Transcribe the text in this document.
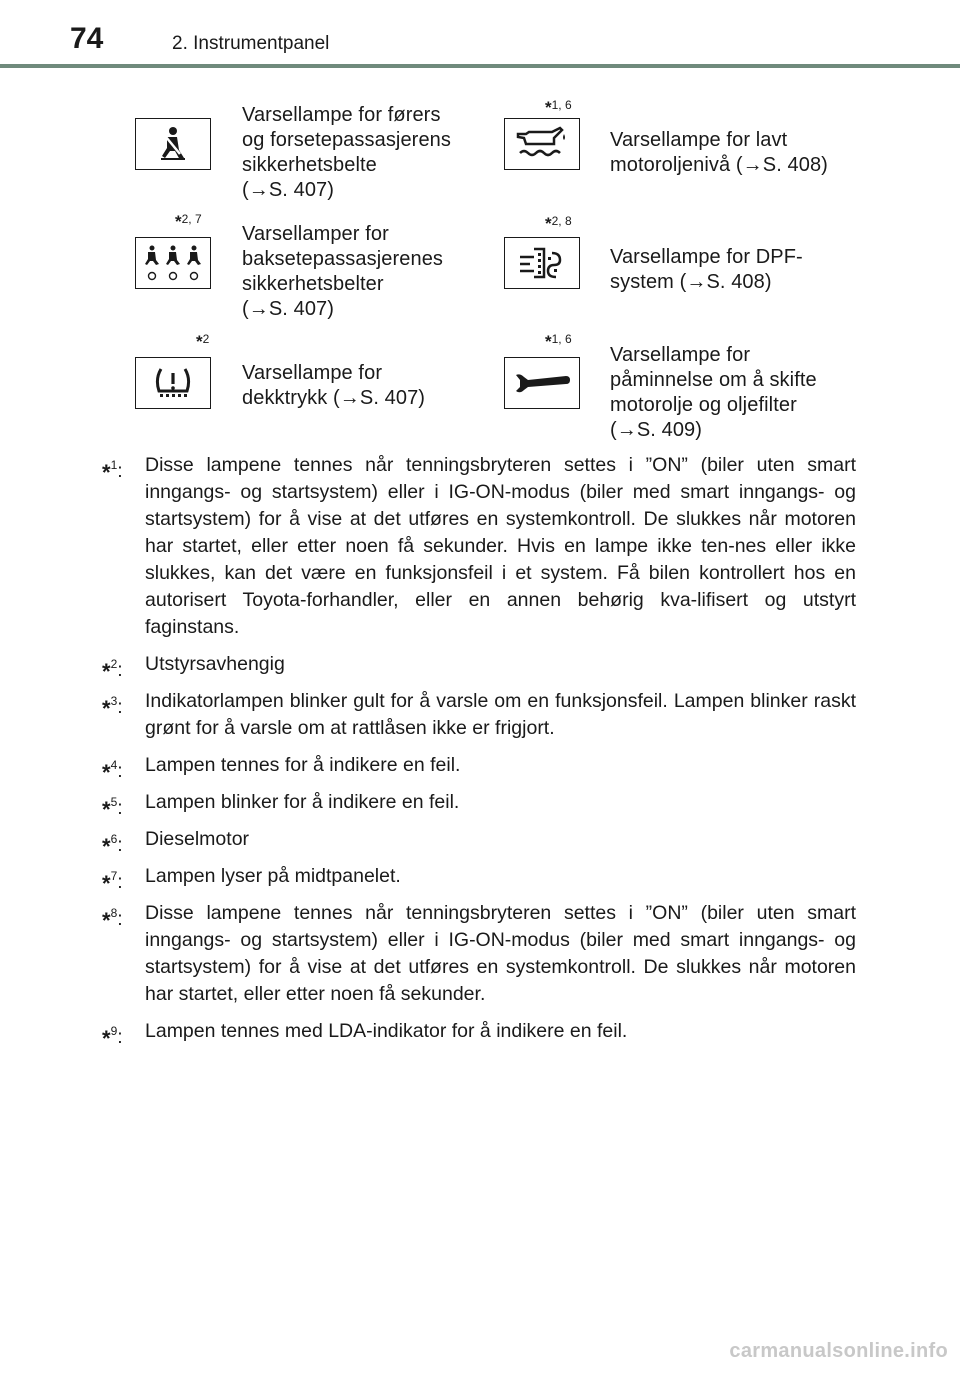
74	2. Instrumentpanel
Varsellampe for førers
og forsetepassasjerens
sikkerhetsbelte
(→S. 407)
*1, 6
Varsellampe for lavt
motoroljenivå (→S. 408)
*2, 7
Varsellamper for
baksetepassasjerenes
sikkerhetsbelter
(→S. 407)
*2, 8
Varsellampe for DPF-
system (→S. 408)
*2
Varsellampe for
dekktrykk (→S. 407)
*1, 6
Varsellampe for
påminnelse om å skifte
motorolje og oljefilter
(→S. 409)
*$^1$: Disse lampene tennes når tenningsbryteren settes i ”ON” (biler uten smart inngangs- og startsystem) eller i IG-ON-modus (biler med smart inngangs- og startsystem) for å vise at det utføres en systemkontroll. De slukkes når motoren har startet, eller etter noen få sekunder. Hvis en lampe ikke ten-nes eller ikke slukkes, kan det være en funksjonsfeil i et system. Få bilen kontrollert hos en autorisert Toyota-forhandler, eller en annen behørig kva-lifisert og utstyrt faginstans.
*$^2$: Utstyrsavhengig
*$^3$: Indikatorlampen blinker gult for å varsle om en funksjonsfeil. Lampen blinker raskt grønt for å varsle om at rattlåsen ikke er frigjort.
*$^4$: Lampen tennes for å indikere en feil.
*$^5$: Lampen blinker for å indikere en feil.
*$^6$: Dieselmotor
*$^7$: Lampen lyser på midtpanelet.
*$^8$: Disse lampene tennes når tenningsbryteren settes i ”ON” (biler uten smart inngangs- og startsystem) eller i IG-ON-modus (biler med smart inngangs- og startsystem) for å vise at det utføres en systemkontroll. De slukkes når motoren har startet, eller etter noen få sekunder.
*$^9$: Lampen tennes med LDA-indikator for å indikere en feil.
carmanualsonline.info
